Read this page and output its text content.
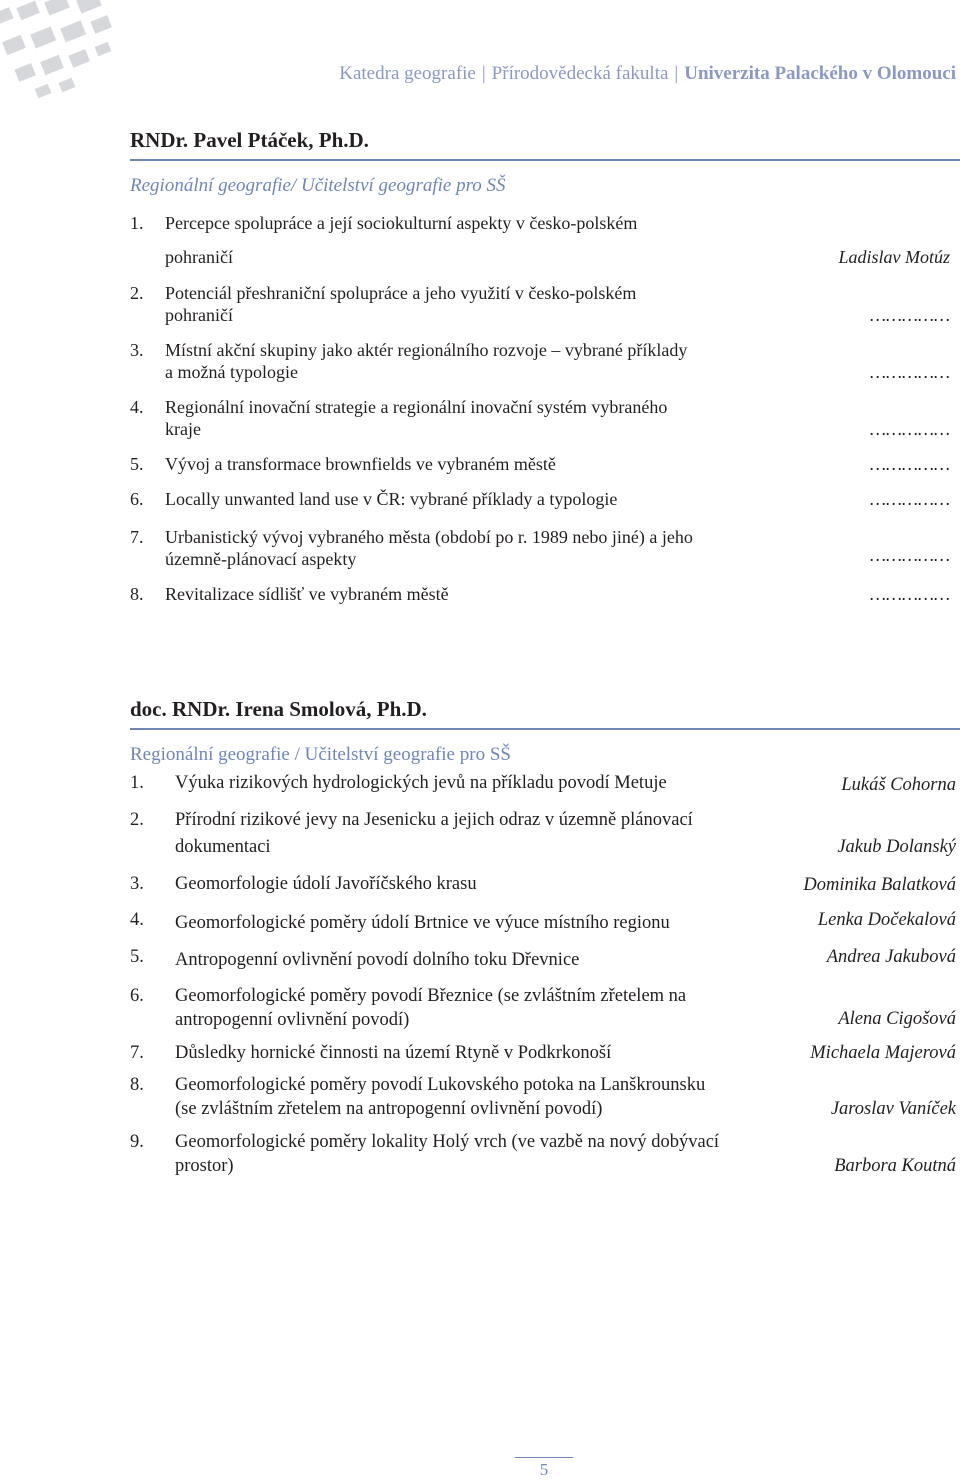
Katedra geografie | Přírodovědecká fakulta | Univerzita Palackého v Olomouci
RNDr. Pavel Ptáček, Ph.D.
Regionální geografie/ Učitelství geografie pro SŠ
1. Percepce spolupráce a její sociokulturní aspekty v česko-polském
pohraničí	Ladislav Motúz
2. Potenciál přeshraniční spolupráce a jeho využití v česko-polském
pohraničí	……………
3. Místní akční skupiny jako aktér regionálního rozvoje – vybrané příklady
a možná typologie	……………
4. Regionální inovační strategie a regionální inovační systém vybraného
kraje	……………
5. Vývoj a transformace brownfields ve vybraném městě	……………
6. Locally unwanted land use v ČR: vybrané příklady a typologie	……………
7. Urbanistický vývoj vybraného města (období po r. 1989 nebo jiné) a jeho
územně-plánovací aspekty	……………
8. Revitalizace sídlišť ve vybraném městě	……………
doc. RNDr. Irena Smolová, Ph.D.
Regionální geografie / Učitelství geografie pro SŠ
1. Výuka rizikových hydrologických jevů na příkladu povodí Metuje	Lukáš Cohorna
2. Přírodní rizikové jevy na Jesenicku a jejich odraz v územně plánovací
dokumentaci	Jakub Dolanský
3. Geomorfologie údolí Javoříčského krasu	Dominika Balatková
4. Geomorfologické poměry údolí Brtnice ve výuce místního regionu	Lenka Dočekalová
5. Antropogenní ovlivnění povodí dolního toku Dřevnice	Andrea Jakubová
6. Geomorfologické poměry povodí Březnice (se zvláštním zřetelem na
antropogenní ovlivnění povodí)	Alena Cigošová
7. Důsledky hornické činnosti na území Rtyně v Podkrkonoší	Michaela Majerová
8. Geomorfologické poměry povodí Lukovského potoka na Lanškrounsku
(se zvláštním zřetelem na antropogenní ovlivnění povodí)	Jaroslav Vaníček
9. Geomorfologické poměry lokality Holý vrch (ve vazbě na nový dobývací
prostor)	Barbora Koutná
5
